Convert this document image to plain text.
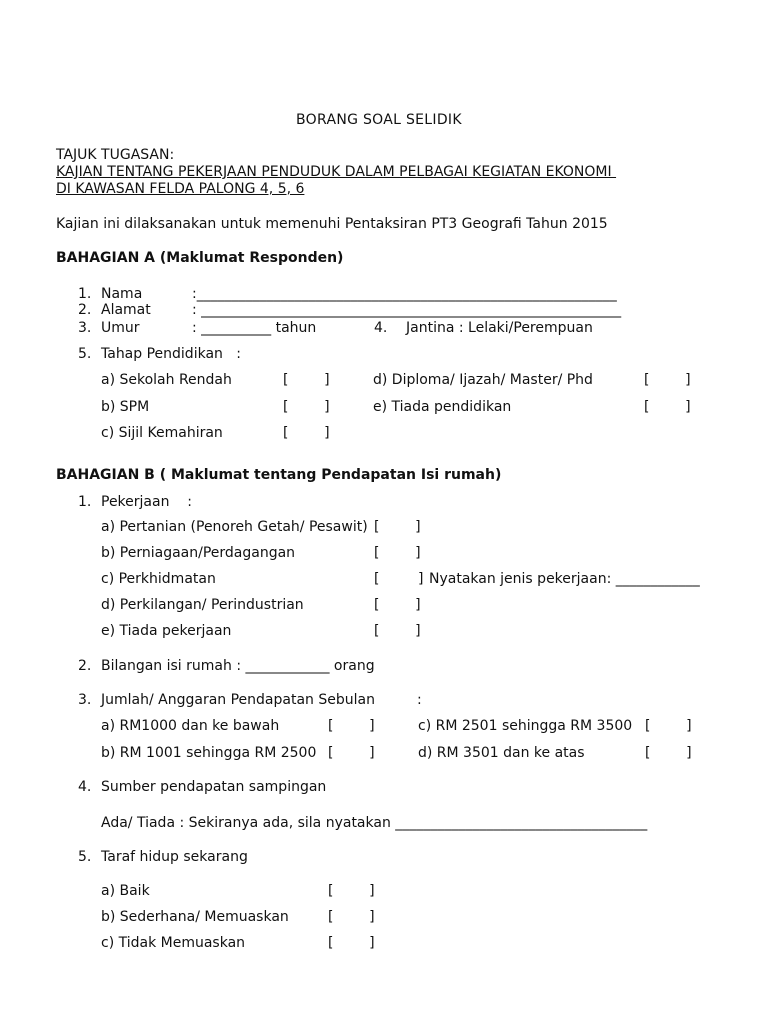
BORANG SOAL SELIDIK
TAJUK TUGASAN:
KAJIAN TENTANG PEKERJAAN PENDUDUK DALAM PELBAGAI KEGIATAN EKONOMI
DI KAWASAN FELDA PALONG 4, 5, 6
Kajian ini dilaksanakan untuk memenuhi Pentaksiran PT3 Geografi Tahun 2015
BAHAGIAN A (Maklumat Responden)
1. Nama	:____________________________________________________________
2. Alamat	: ____________________________________________________________
3. Umur	: __________ tahun	4. Jantina : Lelaki/Perempuan
5. Tahap Pendidikan   :
a) Sekolah Rendah	[        ]	d) Diploma/ Ijazah/ Master/ Phd	[        ]
b) SPM	[        ]	e) Tiada pendidikan	[        ]
c) Sijil Kemahiran	[        ]
BAHAGIAN B ( Maklumat tentang Pendapatan Isi rumah)
1. Pekerjaan    :
a) Pertanian (Penoreh Getah/ Pesawit) [        ]
b) Perniagaan/Perdagangan	[        ]
c) Perkhidmatan	[	] Nyatakan jenis pekerjaan: ____________
d) Perkilangan/ Perindustrian	[        ]
e) Tiada pekerjaan	[        ]
2. Bilangan isi rumah : ____________ orang
3. Jumlah/ Anggaran Pendapatan Sebulan	:
a) RM1000 dan ke bawah	[        ]	c) RM 2501 sehingga RM 3500 [        ]
b) RM 1001 sehingga RM 2500 [        ]	d) RM 3501 dan ke atas	[        ]
4. Sumber pendapatan sampingan
Ada/ Tiada : Sekiranya ada, sila nyatakan ____________________________________
5. Taraf hidup sekarang
a) Baik	[        ]
b) Sederhana/ Memuaskan	[        ]
c) Tidak Memuaskan	[        ]
